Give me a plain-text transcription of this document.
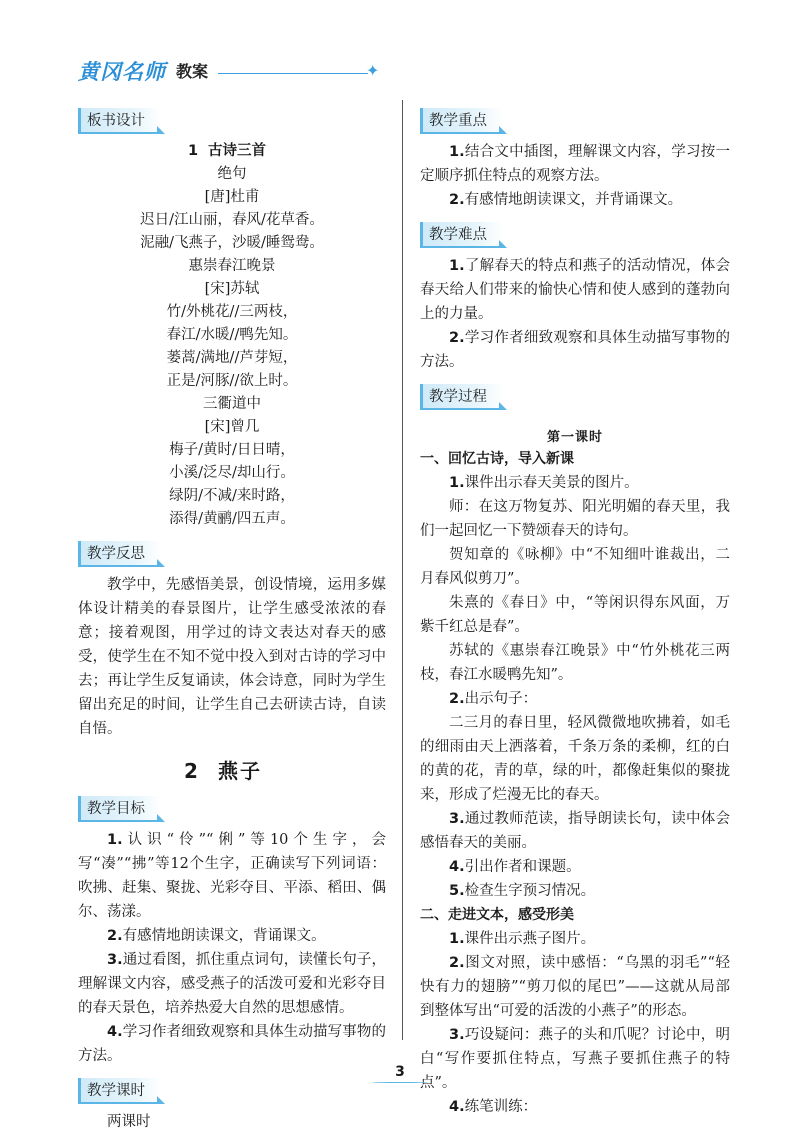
黄冈名师 教案	✦
板书设计
1 古诗三首
绝句
[唐]杜甫
迟日/江山丽，春风/花草香。
泥融/飞燕子，沙暖/睡鸳鸯。
惠崇春江晚景
[宋]苏轼
竹/外桃花//三两枝，
春江/水暖//鸭先知。
蒌蒿/满地//芦芽短，
正是/河豚//欲上时。
三衢道中
[宋]曾几
梅子/黄时/日日晴，
小溪/泛尽/却山行。
绿阴/不减/来时路，
添得/黄鹂/四五声。
教学反思

教学中，先感悟美景，创设情境，运用多媒体设计精美的春景图片，让学生感受浓浓的春意；接着观图，用学过的诗文表达对春天的感受，使学生在不知不觉中投入到对古诗的学习中去；再让学生反复诵读，体会诗意，同时为学生留出充足的时间，让学生自己去研读古诗，自读自悟。

2 燕子
教学目标

1.认识“伶”“俐”等10个生字，会写“凑”“拂”等12个生字，正确读写下列词语：吹拂、赶集、聚拢、光彩夺目、平添、稻田、偶尔、荡漾。

2.有感情地朗读课文，背诵课文。

3.通过看图，抓住重点词句，读懂长句子，理解课文内容，感受燕子的活泼可爱和光彩夺目的春天景色，培养热爱大自然的思想感情。

4.学习作者细致观察和具体生动描写事物的方法。

教学课时

两课时

教学重点

1.结合文中插图，理解课文内容，学习按一定顺序抓住特点的观察方法。

2.有感情地朗读课文，并背诵课文。

教学难点

1.了解春天的特点和燕子的活动情况，体会春天给人们带来的愉快心情和使人感到的蓬勃向上的力量。

2.学习作者细致观察和具体生动描写事物的方法。

教学过程
第一课时
一、回忆古诗，导入新课

1.课件出示春天美景的图片。

师：在这万物复苏、阳光明媚的春天里，我们一起回忆一下赞颂春天的诗句。

贺知章的《咏柳》中“不知细叶谁裁出，二月春风似剪刀”。

朱熹的《春日》中，“等闲识得东风面，万紫千红总是春”。

苏轼的《惠崇春江晚景》中“竹外桃花三两枝，春江水暖鸭先知”。

2.出示句子：

二三月的春日里，轻风微微地吹拂着，如毛的细雨由天上洒落着，千条万条的柔柳，红的白的黄的花，青的草，绿的叶，都像赶集似的聚拢来，形成了烂漫无比的春天。

3.通过教师范读，指导朗读长句，读中体会感悟春天的美丽。

4.引出作者和课题。

5.检查生字预习情况。

二、走进文本，感受形美

1.课件出示燕子图片。

2.图文对照，读中感悟：“乌黑的羽毛”“轻快有力的翅膀”“剪刀似的尾巴”——这就从局部到整体写出“可爱的活泼的小燕子”的形态。

3.巧设疑问：燕子的头和爪呢？讨论中，明白“写作要抓住特点，写燕子要抓住燕子的特点”。

4.练笔训练：

3
